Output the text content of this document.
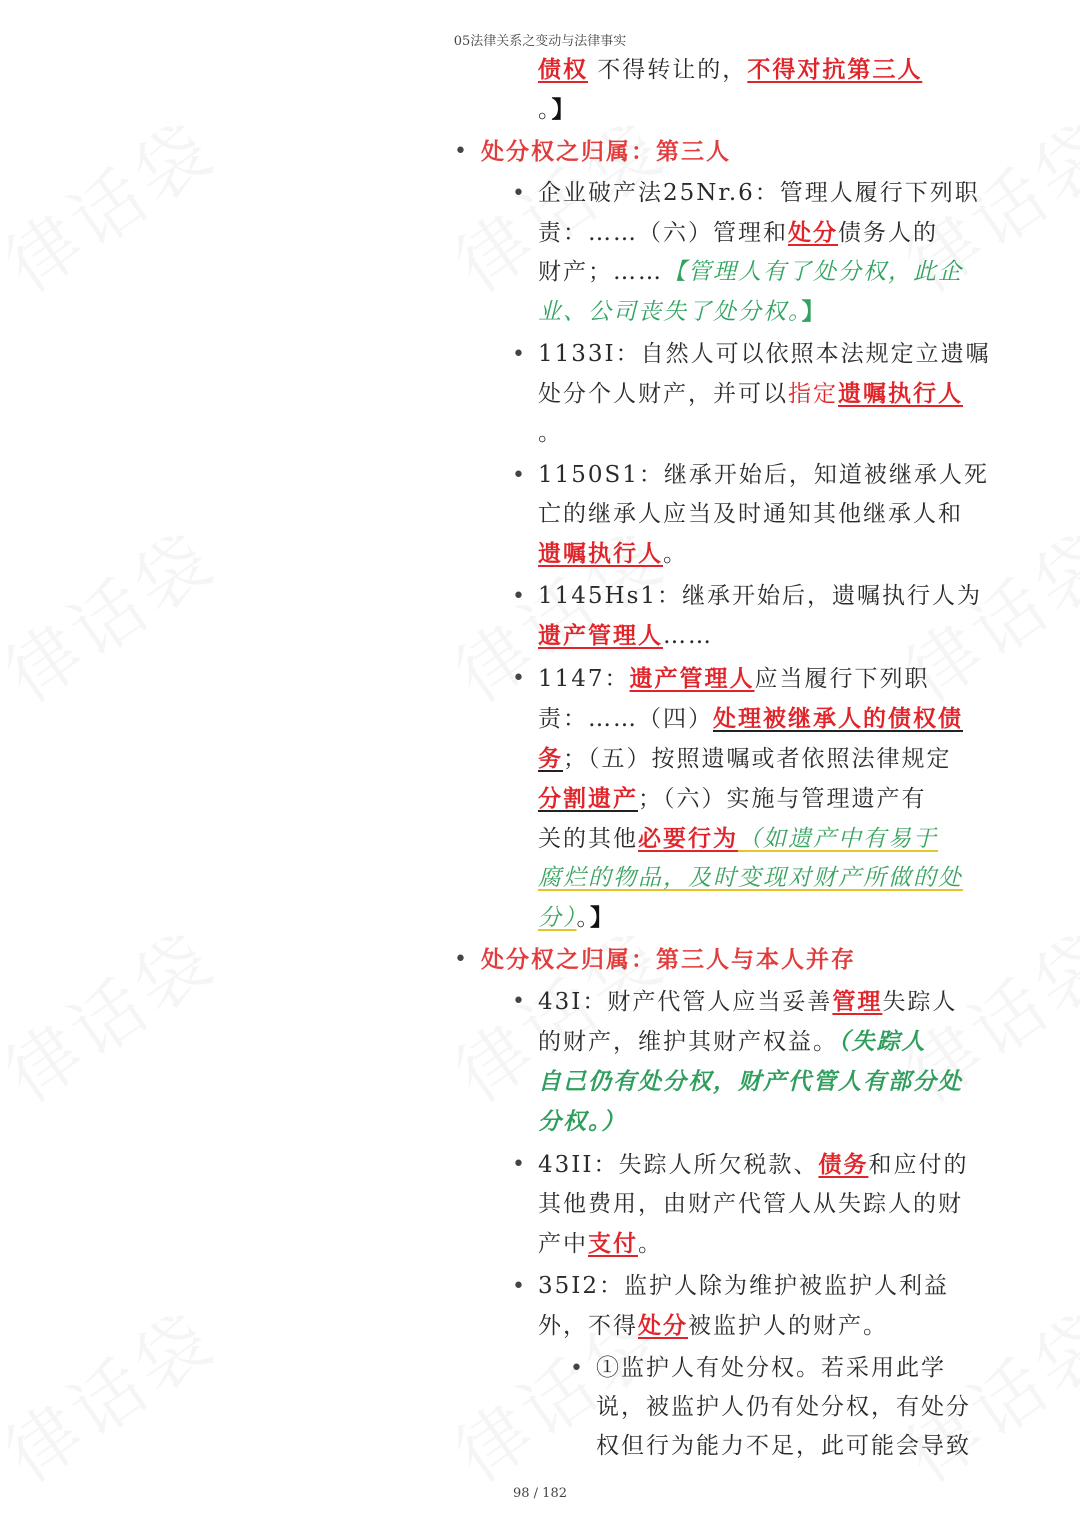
05法律关系之变动与法律事实

债权 不得转让的，不得对抗第三人

。】

• 处分权之归属：第三人

• 企业破产法25Nr.6：管理人履行下列职

责：……（六）管理和处分债务人的

财产；……【管理人有了处分权，此企

业、公司丧失了处分权。】

• 1133I：自然人可以依照本法规定立遗嘱

处分个人财产，并可以指定遗嘱执行人

。

• 1150S1：继承开始后，知道被继承人死

亡的继承人应当及时通知其他继承人和

遗嘱执行人。

• 1145Hs1：继承开始后，遗嘱执行人为

遗产管理人……

• 1147：遗产管理人应当履行下列职

责：……（四）处理被继承人的债权债

务；（五）按照遗嘱或者依照法律规定

分割遗产；（六）实施与管理遗产有

关的其他必要行为（如遗产中有易于

腐烂的物品，及时变现对财产所做的处

分）。】

• 处分权之归属：第三人与本人并存

• 43I：财产代管人应当妥善管理失踪人

的财产，维护其财产权益。（失踪人

自己仍有处分权，财产代管人有部分处

分权。）

• 43II：失踪人所欠税款、债务和应付的

其他费用，由财产代管人从失踪人的财

产中支付。

• 35I2：监护人除为维护被监护人利益

外，不得处分被监护人的财产。

• ①监护人有处分权。若采用此学

说，被监护人仍有处分权，有处分

权但行为能力不足，此可能会导致

98 / 182
